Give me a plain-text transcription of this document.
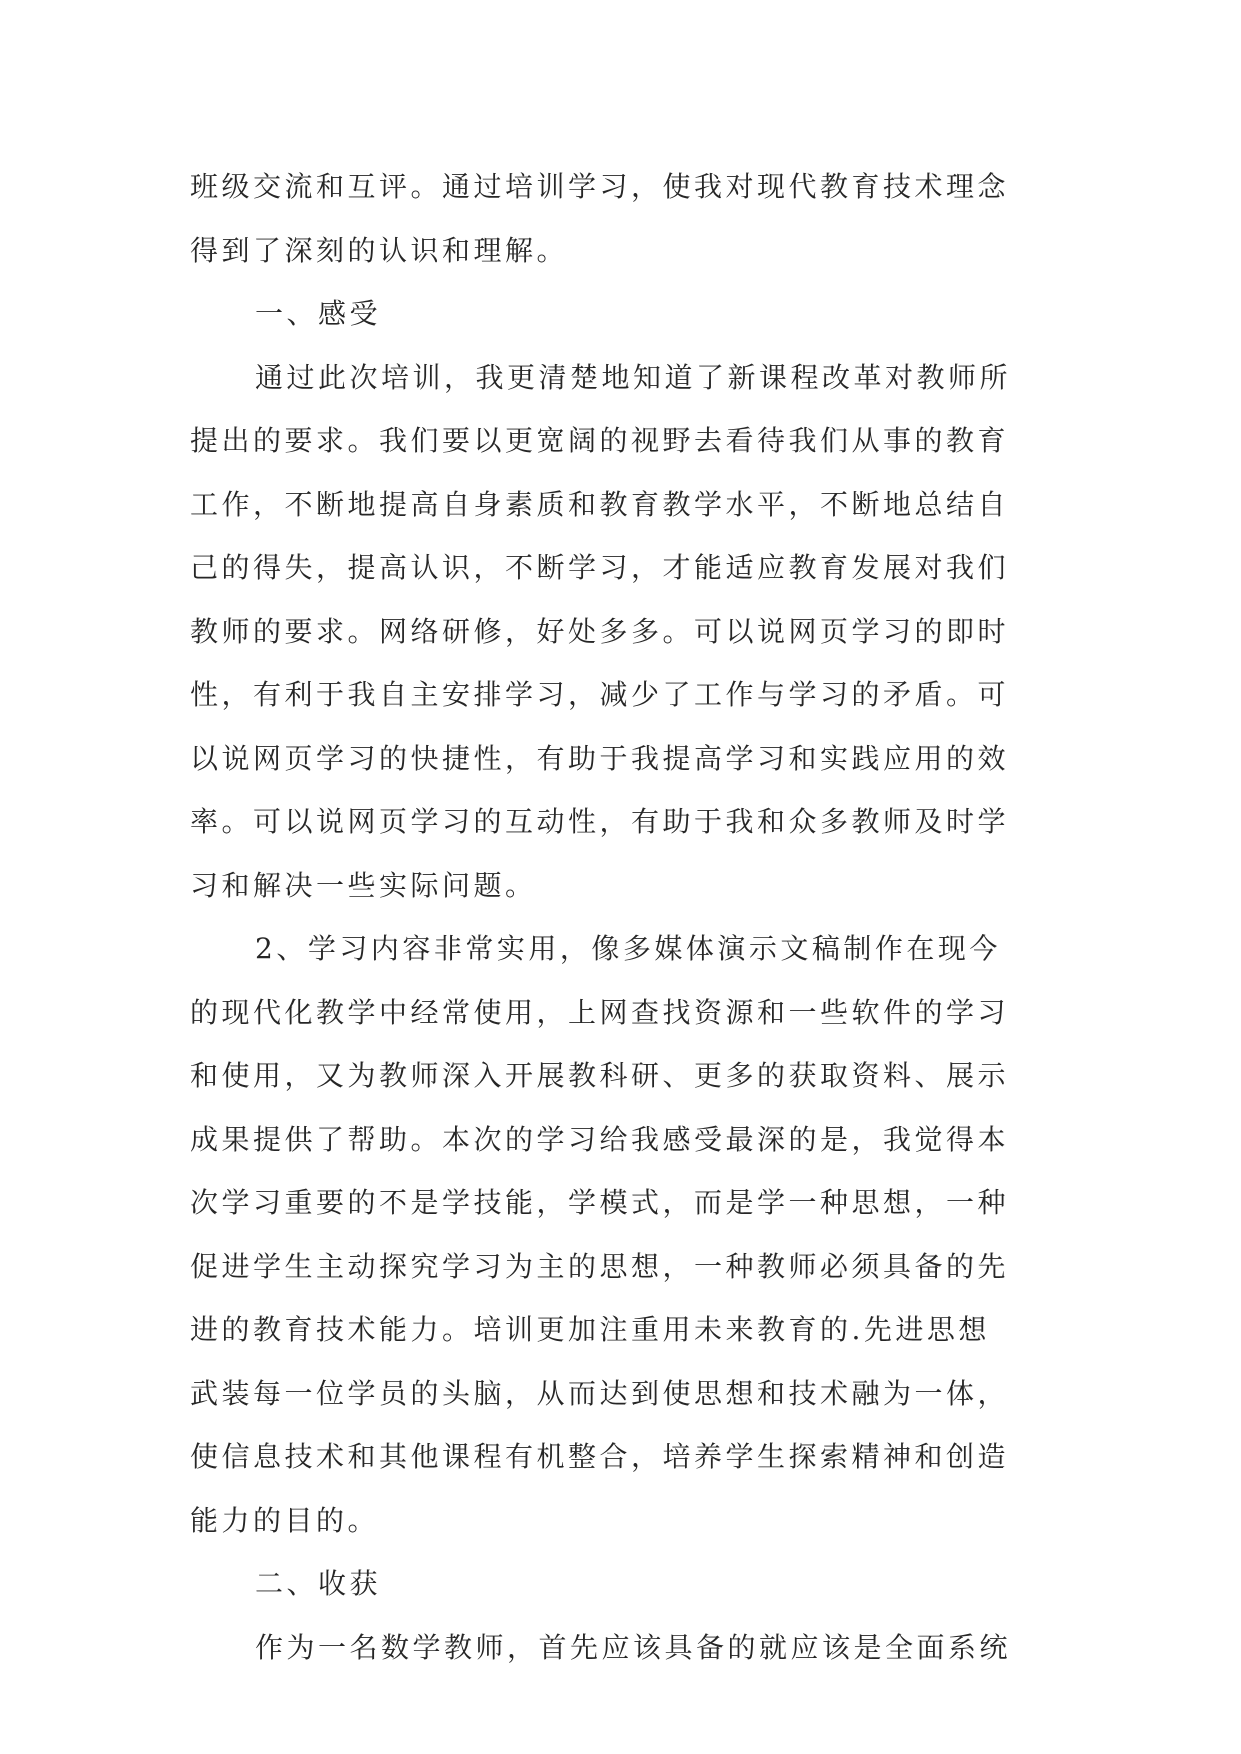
班级交流和互评。通过培训学习，使我对现代教育技术理念
得到了深刻的认识和理解。
一、感受
通过此次培训，我更清楚地知道了新课程改革对教师所
提出的要求。我们要以更宽阔的视野去看待我们从事的教育
工作，不断地提高自身素质和教育教学水平，不断地总结自
己的得失，提高认识，不断学习，才能适应教育发展对我们
教师的要求。网络研修，好处多多。可以说网页学习的即时
性，有利于我自主安排学习，减少了工作与学习的矛盾。可
以说网页学习的快捷性，有助于我提高学习和实践应用的效
率。可以说网页学习的互动性，有助于我和众多教师及时学
习和解决一些实际问题。
2、学习内容非常实用，像多媒体演示文稿制作在现今
的现代化教学中经常使用，上网查找资源和一些软件的学习
和使用，又为教师深入开展教科研、更多的获取资料、展示
成果提供了帮助。本次的学习给我感受最深的是，我觉得本
次学习重要的不是学技能，学模式，而是学一种思想，一种
促进学生主动探究学习为主的思想，一种教师必须具备的先
进的教育技术能力。培训更加注重用未来教育的.先进思想
武装每一位学员的头脑，从而达到使思想和技术融为一体，
使信息技术和其他课程有机整合，培养学生探索精神和创造
能力的目的。
二、收获
作为一名数学教师，首先应该具备的就应该是全面系统
